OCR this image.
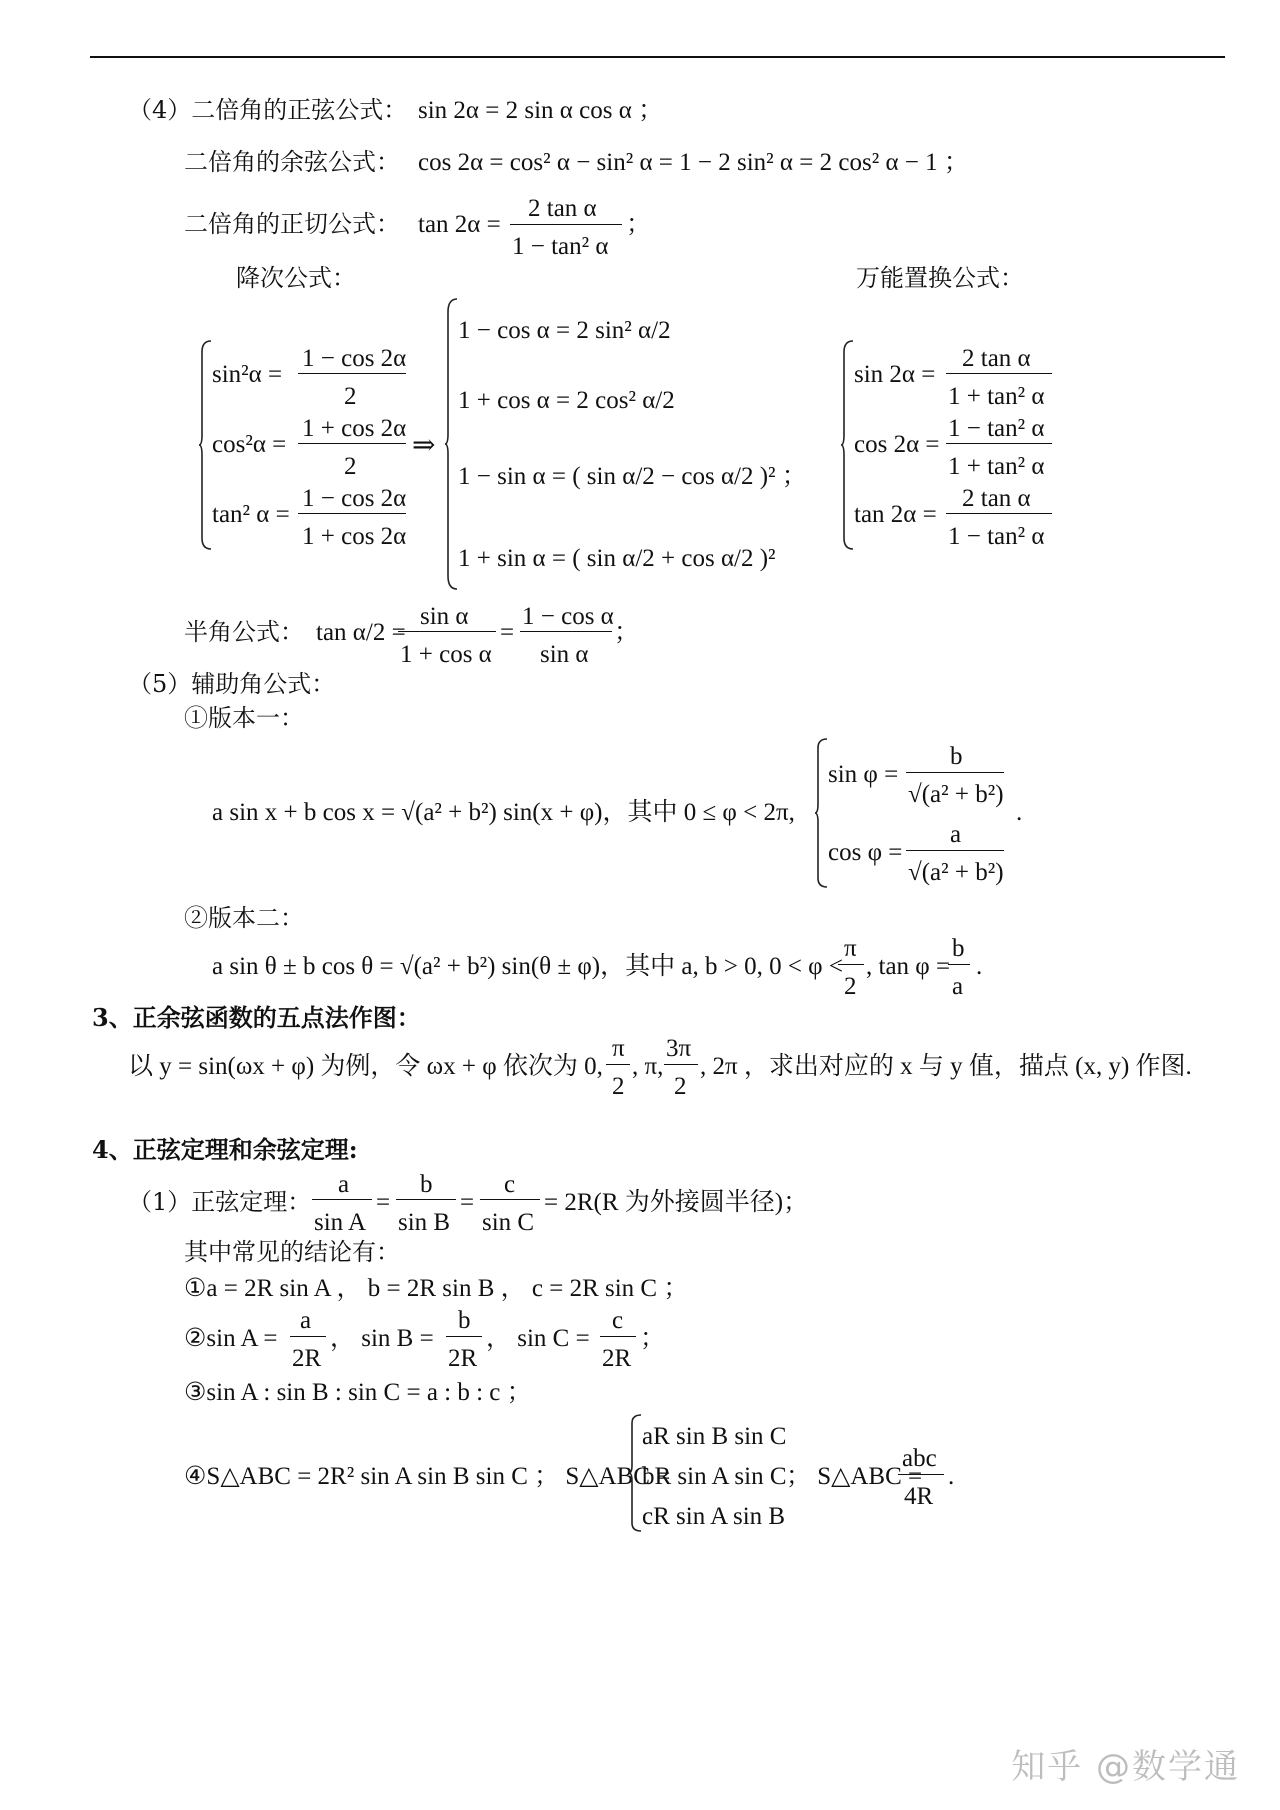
（4）二倍角的正弦公式： sin 2α = 2 sin α cos α ；
二倍角的余弦公式： cos 2α = cos² α − sin² α = 1 − 2 sin² α = 2 cos² α − 1 ；
二倍角的正切公式： tan 2α =
2 tan α
1 − tan² α
；
降次公式：	万能置换公式：
sin²α =
1 − cos 2α
2
cos²α =
1 + cos 2α
2
tan² α =
1 − cos 2α
1 + cos 2α
⇒
1 − cos α = 2 sin² α/2
1 + cos α = 2 cos² α/2
1 − sin α = ( sin α/2 − cos α/2 )² ；
1 + sin α = ( sin α/2 + cos α/2 )²
sin 2α =
2 tan α
1 + tan² α
cos 2α =
1 − tan² α
1 + tan² α
tan 2α =
2 tan α
1 − tan² α
半角公式： tan α/2 =
sin α
1 + cos α
=
1 − cos α
sin α
；
（5）辅助角公式：
①版本一：
a sin x + b cos x = √(a² + b²) sin(x + φ)，其中 0 ≤ φ < 2π,
sin φ =
b
√(a² + b²)
cos φ =
a
√(a² + b²)
.
②版本二：
a sin θ ± b cos θ = √(a² + b²) sin(θ ± φ)，其中 a, b > 0, 0 < φ <
π
2
, tan φ =
b
a
.
3、正余弦函数的五点法作图：
以 y = sin(ωx + φ) 为例，令 ωx + φ 依次为 0,
π
2
, π,
3π
2
, 2π ，求出对应的 x 与 y 值，描点 (x, y) 作图.
4、正弦定理和余弦定理:
（1）正弦定理：
a
sin A
=
b
sin B
=
c
sin C
= 2R(R 为外接圆半径)；
其中常见的结论有：
①a = 2R sin A ， b = 2R sin B ， c = 2R sin C ；
②sin A =
a
2R
， sin B =
b
2R
， sin C =
c
2R
；
③sin A : sin B : sin C = a : b : c ；
④S△ABC = 2R² sin A sin B sin C ； S△ABC =
aR sin B sin C
bR sin A sin C
cR sin A sin B
； S△ABC =
abc
4R
.
知乎 @数学通
